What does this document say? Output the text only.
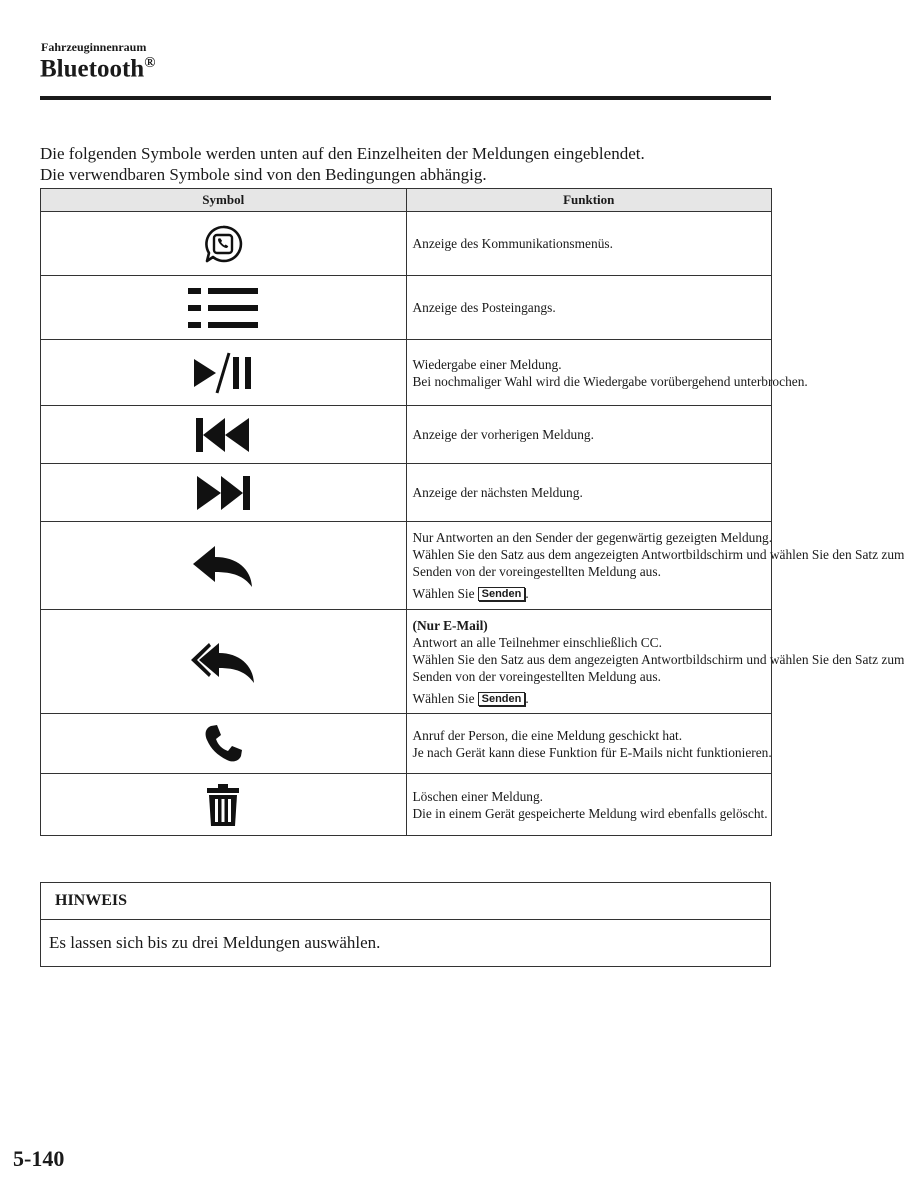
Fahrzeuginnenraum
Bluetooth®
Die folgenden Symbole werden unten auf den Einzelheiten der Meldungen eingeblendet.
Die verwendbaren Symbole sind von den Bedingungen abhängig.
Symbol	Funktion

Anzeige des Kommunikationsmenüs.

Anzeige des Posteingangs.

Wiedergabe einer Meldung.
Bei nochmaliger Wahl wird die Wiedergabe vorübergehend unterbrochen.

Anzeige der vorherigen Meldung.

Anzeige der nächsten Meldung.

Nur Antworten an den Sender der gegenwärtig gezeigten Meldung.
Wählen Sie den Satz aus dem angezeigten Antwortbildschirm und wählen Sie den Satz zum
Senden von der voreingestellten Meldung aus.
Wählen Sie Senden .

(Nur E-Mail)
Antwort an alle Teilnehmer einschließlich CC.
Wählen Sie den Satz aus dem angezeigten Antwortbildschirm und wählen Sie den Satz zum
Senden von der voreingestellten Meldung aus.
Wählen Sie Senden .

Anruf der Person, die eine Meldung geschickt hat.
Je nach Gerät kann diese Funktion für E-Mails nicht funktionieren.

Löschen einer Meldung.
Die in einem Gerät gespeicherte Meldung wird ebenfalls gelöscht.
HINWEIS
Es lassen sich bis zu drei Meldungen auswählen.
5-140
